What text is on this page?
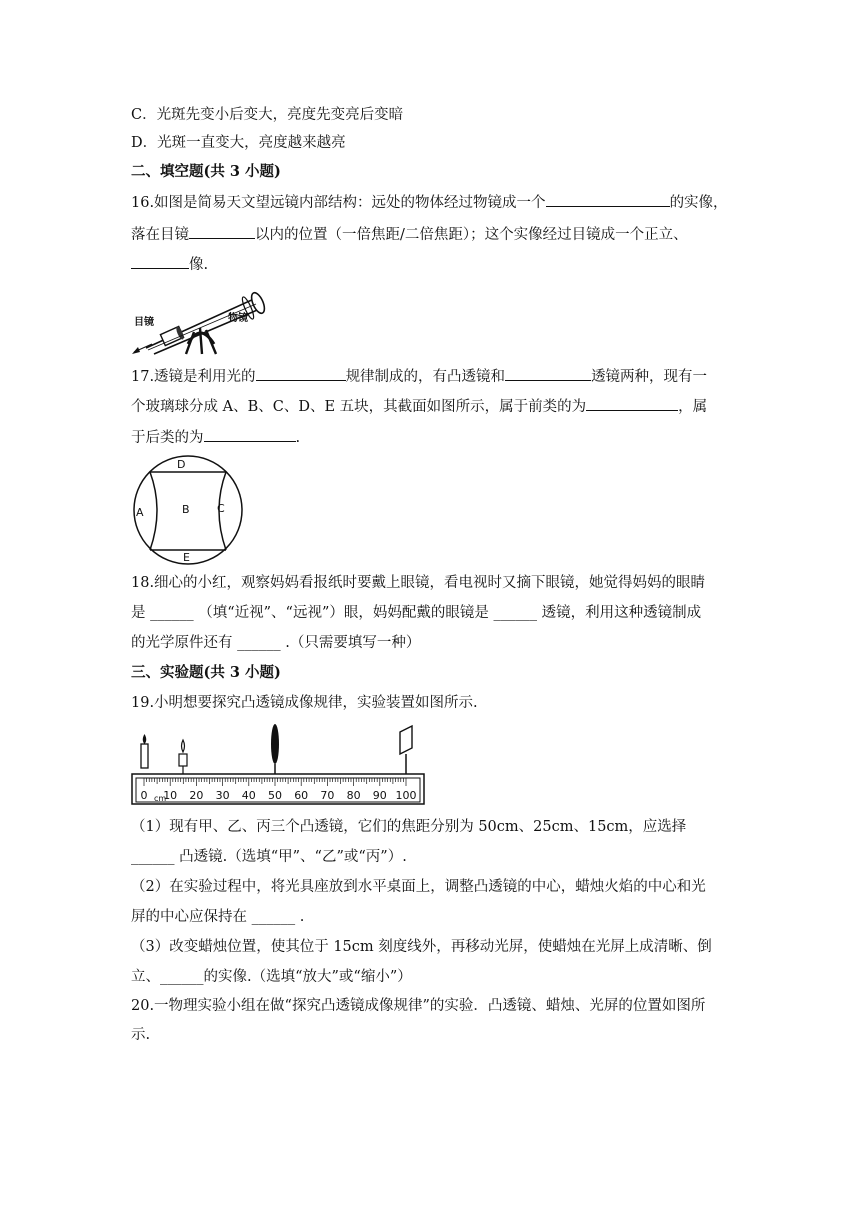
C．光斑先变小后变大，亮度先变亮后变暗
D．光斑一直变大，亮度越来越亮
二、填空题(共 3 小题)
16.如图是简易天文望远镜内部结构：远处的物体经过物镜成一个	的实像，
落在目镜	以内的位置（一倍焦距/二倍焦距）；这个实像经过目镜成一个正立、
像.
目镜	物镜
17.透镜是利用光的	规律制成的，有凸透镜和	透镜两种，现有一
个玻璃球分成 A、B、C、D、E 五块，其截面如图所示，属于前类的为	，属
于后类的为	.
D
A	B C
E
18.细心的小红，观察妈妈看报纸时要戴上眼镜，看电视时又摘下眼镜，她觉得妈妈的眼睛
是 ______ （填“近视”、“远视”）眼，妈妈配戴的眼镜是 ______ 透镜，利用这种透镜制成
的光学原件还有 ______ .（只需要填写一种）
三、实验题(共 3 小题)
19.小明想要探究凸透镜成像规律，实验装置如图所示.
0 10 20 30 40 50 60 70 80 90 100
cm
（1）现有甲、乙、丙三个凸透镜，它们的焦距分别为 50cm、25cm、15cm，应选择
______ 凸透镜.（选填“甲”、“乙”或“丙”）.
（2）在实验过程中，将光具座放到水平桌面上，调整凸透镜的中心，蜡烛火焰的中心和光
屏的中心应保持在 ______ .
（3）改变蜡烛位置，使其位于 15cm 刻度线外，再移动光屏，使蜡烛在光屏上成清晰、倒
立、______的实像.（选填“放大”或“缩小”）
20.一物理实验小组在做“探究凸透镜成像规律”的实验．凸透镜、蜡烛、光屏的位置如图所
示.
